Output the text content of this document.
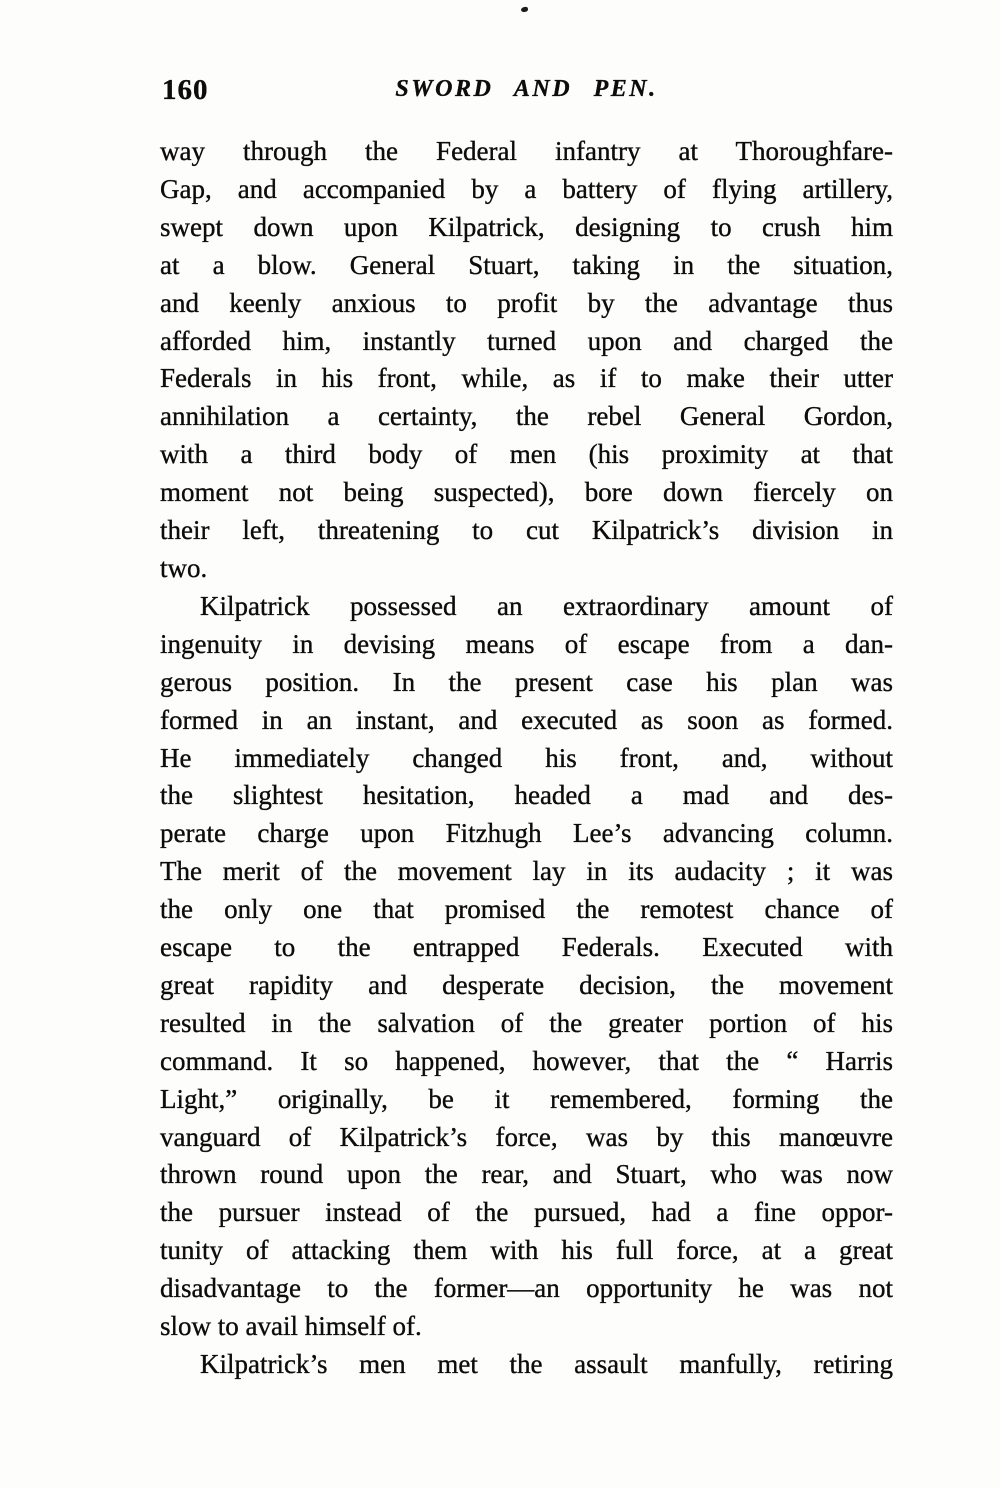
160	SWORD AND PEN.
way through the Federal infantry at Thoroughfare-
Gap, and accompanied by a battery of flying artillery,
swept down upon Kilpatrick, designing to crush him
at a blow. General Stuart, taking in the situation,
and keenly anxious to profit by the advantage thus
afforded him, instantly turned upon and charged the
Federals in his front, while, as if to make their utter
annihilation a certainty, the rebel General Gordon,
with a third body of men (his proximity at that
moment not being suspected), bore down fiercely on
their left, threatening to cut Kilpatrick’s division in
two.
Kilpatrick possessed an extraordinary amount of
ingenuity in devising means of escape from a dan-
gerous position. In the present case his plan was
formed in an instant, and executed as soon as formed.
He immediately changed his front, and, without
the slightest hesitation, headed a mad and des-
perate charge upon Fitzhugh Lee’s advancing column.
The merit of the movement lay in its audacity ; it was
the only one that promised the remotest chance of
escape to the entrapped Federals. Executed with
great rapidity and desperate decision, the movement
resulted in the salvation of the greater portion of his
command. It so happened, however, that the “ Harris
Light,” originally, be it remembered, forming the
vanguard of Kilpatrick’s force, was by this manœuvre
thrown round upon the rear, and Stuart, who was now
the pursuer instead of the pursued, had a fine oppor-
tunity of attacking them with his full force, at a great
disadvantage to the former—an opportunity he was not
slow to avail himself of.
Kilpatrick’s men met the assault manfully, retiring
